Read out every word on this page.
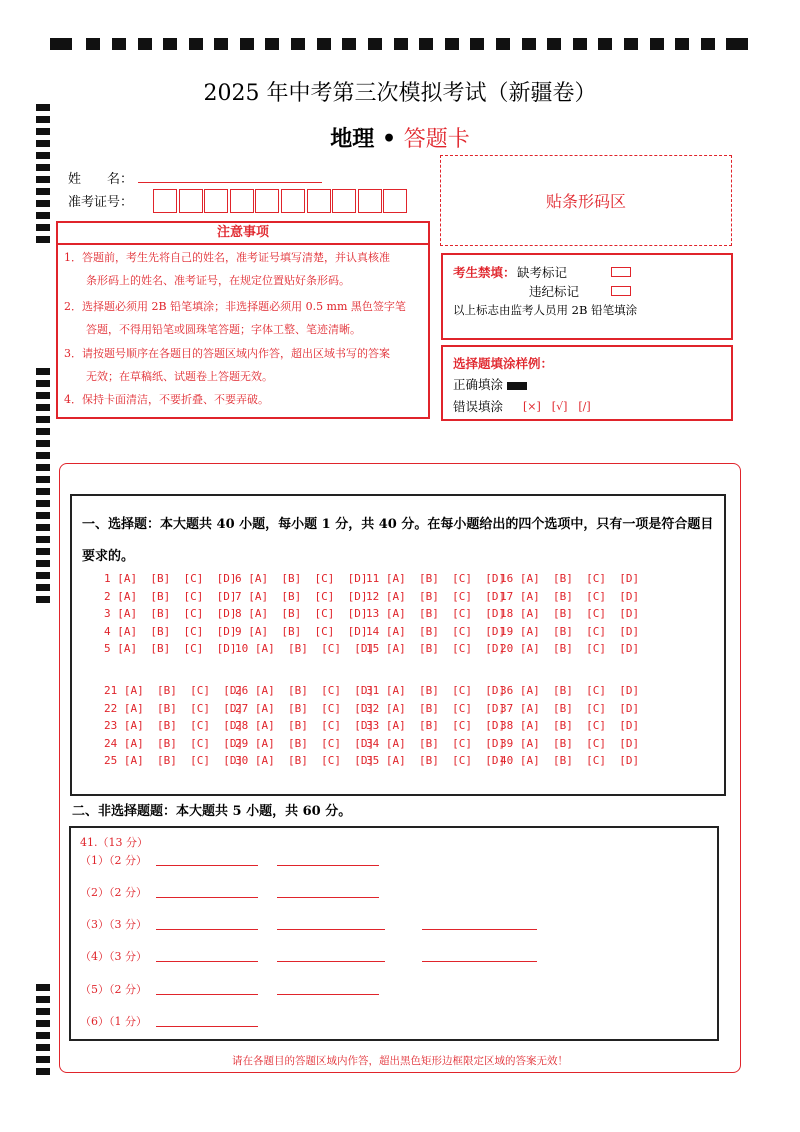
2025 年中考第三次模拟考试（新疆卷）
地理 • 答题卡
姓　　名：
准考证号：	贴条形码区
注意事项
1．答题前，考生先将自己的姓名，准考证号填写清楚，并认真核准
　　条形码上的姓名、准考证号，在规定位置贴好条形码。
2．选择题必须用 2B 铅笔填涂；非选择题必须用 0.5 mm 黑色签字笔
　　答题，不得用铅笔或圆珠笔答题；字体工整、笔迹清晰。
3．请按题号顺序在各题目的答题区域内作答，超出区域书写的答案
　　无效；在草稿纸、试题卷上答题无效。
4．保持卡面清洁，不要折叠、不要弄破。
考生禁填： 缺考标记
违纪标记
以上标志由监考人员用 2B 铅笔填涂
选择题填涂样例：
正确填涂
错误填涂 [×]　[√]　[/]
一、选择题：本大题共 40 小题，每小题 1 分，共 40 分。在每小题给出的四个选项中，只有一项是符合题目要求的。
1 [A]  [B]  [C]  [D]
2 [A]  [B]  [C]  [D]
3 [A]  [B]  [C]  [D]
4 [A]  [B]  [C]  [D]
5 [A]  [B]  [C]  [D]
6 [A]  [B]  [C]  [D]
7 [A]  [B]  [C]  [D]
8 [A]  [B]  [C]  [D]
9 [A]  [B]  [C]  [D]
10 [A]  [B]  [C]  [D]
11 [A]  [B]  [C]  [D]
12 [A]  [B]  [C]  [D]
13 [A]  [B]  [C]  [D]
14 [A]  [B]  [C]  [D]
15 [A]  [B]  [C]  [D]
16 [A]  [B]  [C]  [D]
17 [A]  [B]  [C]  [D]
18 [A]  [B]  [C]  [D]
19 [A]  [B]  [C]  [D]
20 [A]  [B]  [C]  [D]
21 [A]  [B]  [C]  [D]
22 [A]  [B]  [C]  [D]
23 [A]  [B]  [C]  [D]
24 [A]  [B]  [C]  [D]
25 [A]  [B]  [C]  [D]
26 [A]  [B]  [C]  [D]
27 [A]  [B]  [C]  [D]
28 [A]  [B]  [C]  [D]
29 [A]  [B]  [C]  [D]
30 [A]  [B]  [C]  [D]
31 [A]  [B]  [C]  [D]
32 [A]  [B]  [C]  [D]
33 [A]  [B]  [C]  [D]
34 [A]  [B]  [C]  [D]
35 [A]  [B]  [C]  [D]
36 [A]  [B]  [C]  [D]
37 [A]  [B]  [C]  [D]
38 [A]  [B]  [C]  [D]
39 [A]  [B]  [C]  [D]
40 [A]  [B]  [C]  [D]
二、非选择题题：本大题共 5 小题，共 60 分。
41.（13 分）
（1）（2 分）
（2）（2 分）
（3）（3 分）
（4）（3 分）
（5）（2 分）
（6）（1 分）
请在各题目的答题区域内作答，超出黑色矩形边框限定区域的答案无效！
